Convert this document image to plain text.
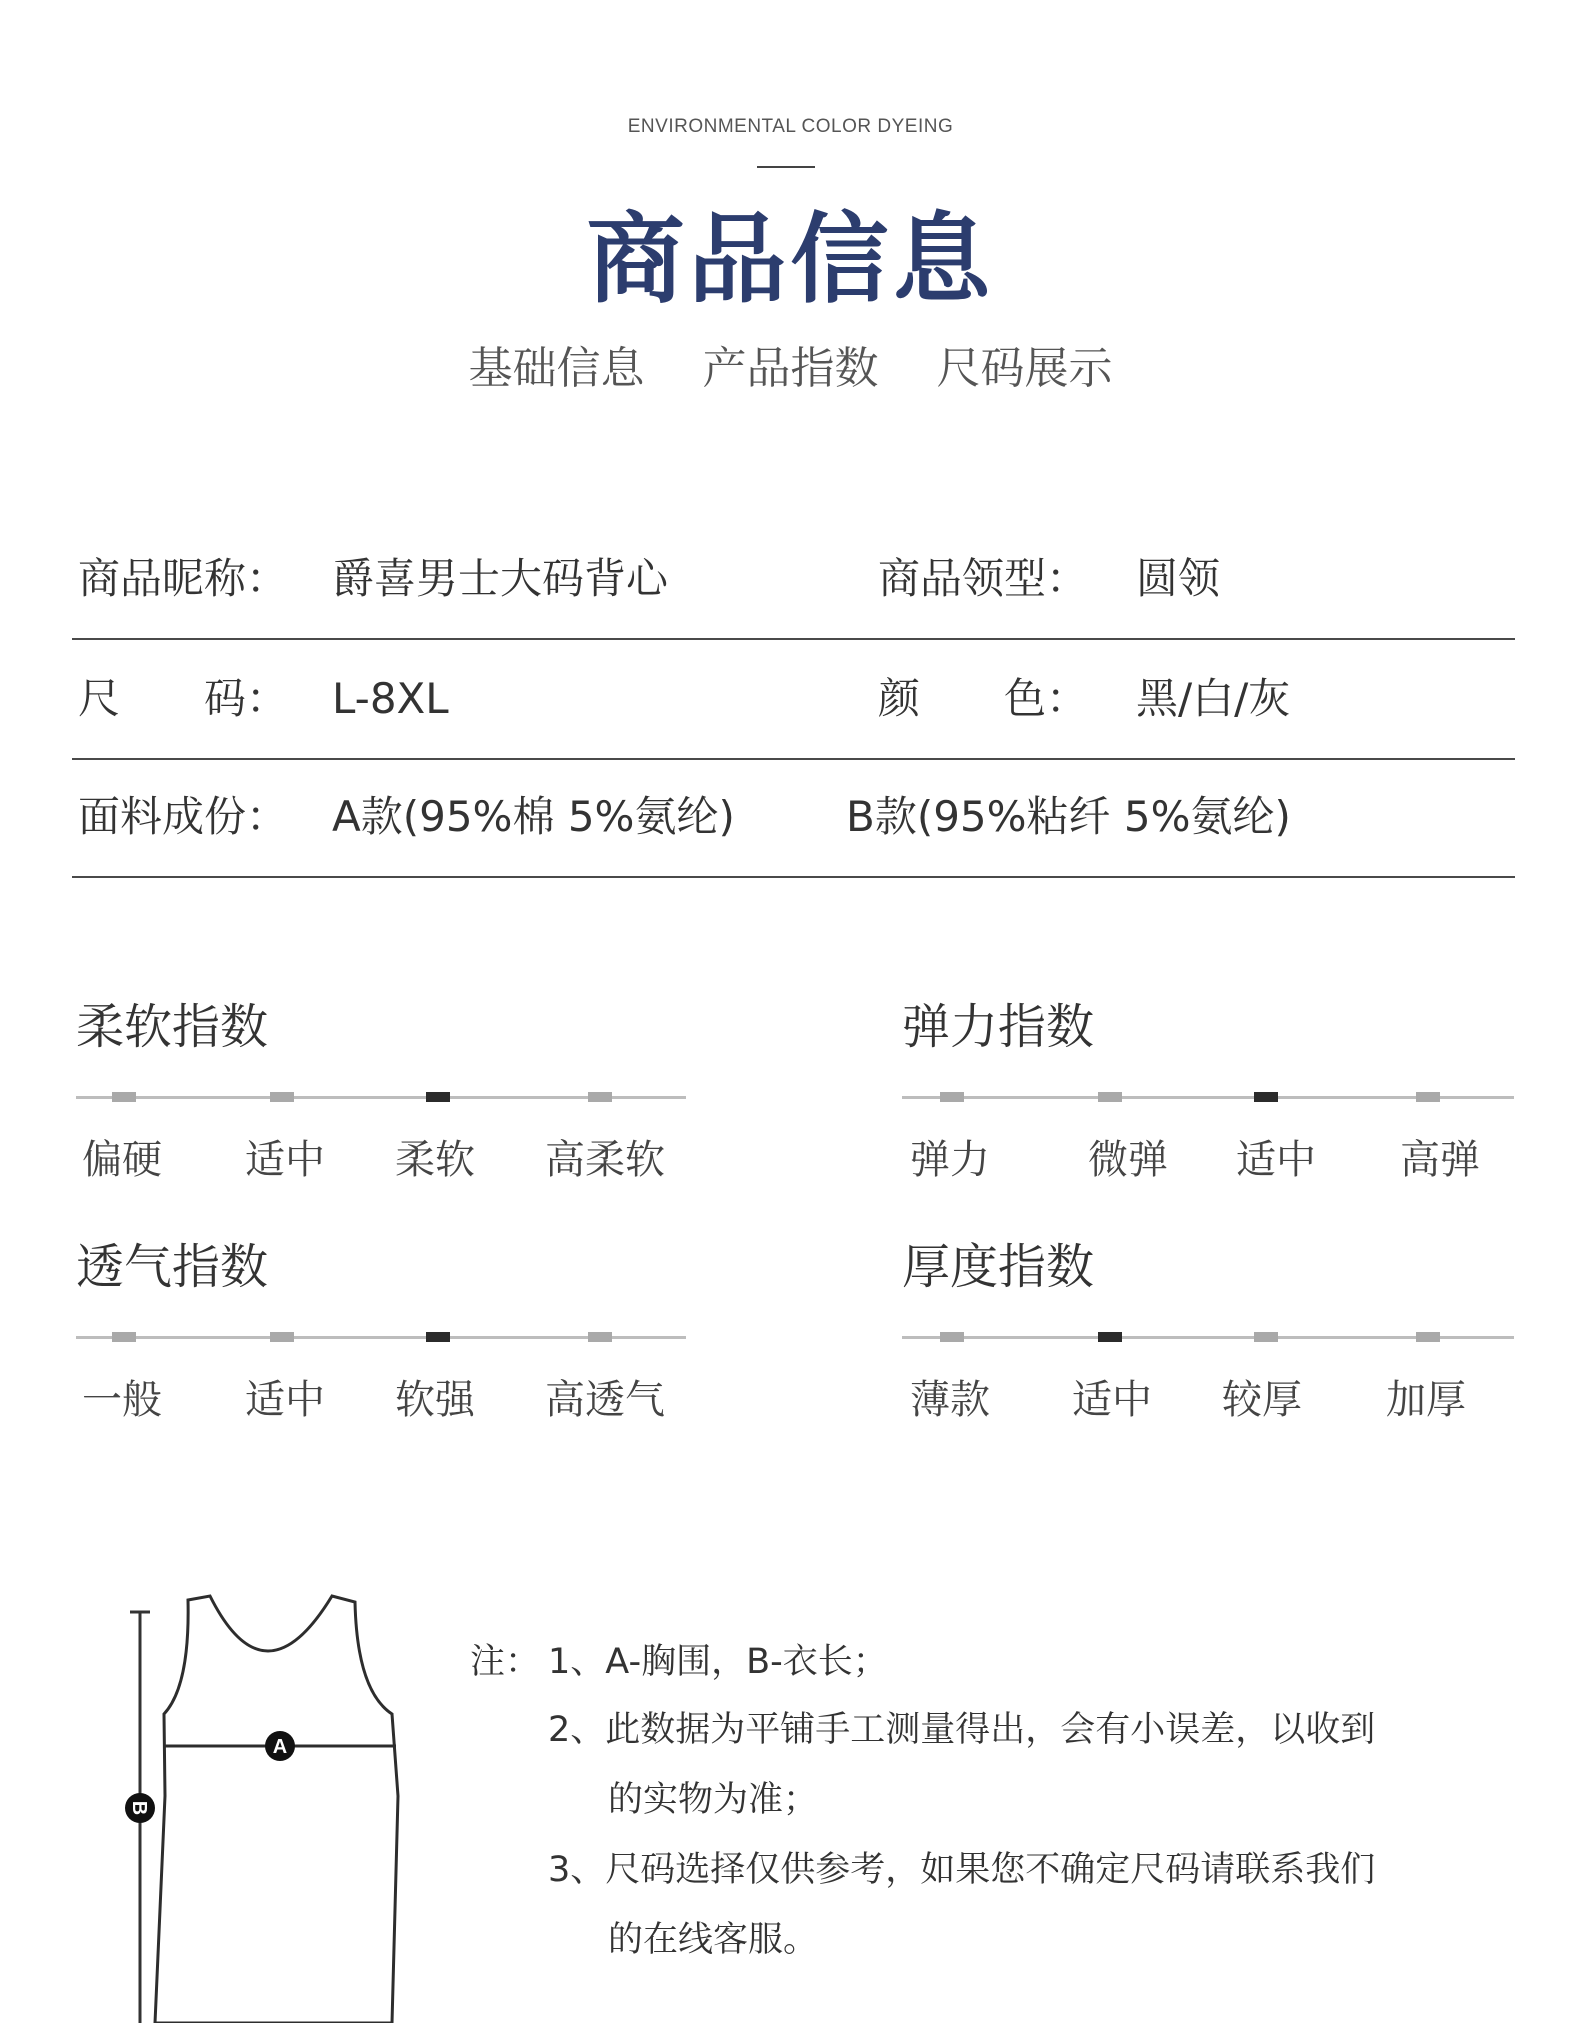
ENVIRONMENTAL COLOR DYEING
商品信息
基础信息 产品指数 尺码展示
商品昵称： 爵喜男士大码背心	商品领型： 圆领
尺　　码： L-8XL	颜　　色： 黑/白/灰
面料成份： A款(95%棉 5%氨纶)	B款(95%粘纤 5%氨纶)
柔软指数
偏硬 适中 柔软 高柔软
弹力指数
弹力 微弹 适中 高弹
透气指数
一般 适中 软强 高透气
厚度指数
薄款 适中 较厚 加厚
A
B
注： 1、A-胸围，B-衣长；
2、此数据为平铺手工测量得出，会有小误差，以收到
的实物为准；
3、尺码选择仅供参考，如果您不确定尺码请联系我们
的在线客服。
